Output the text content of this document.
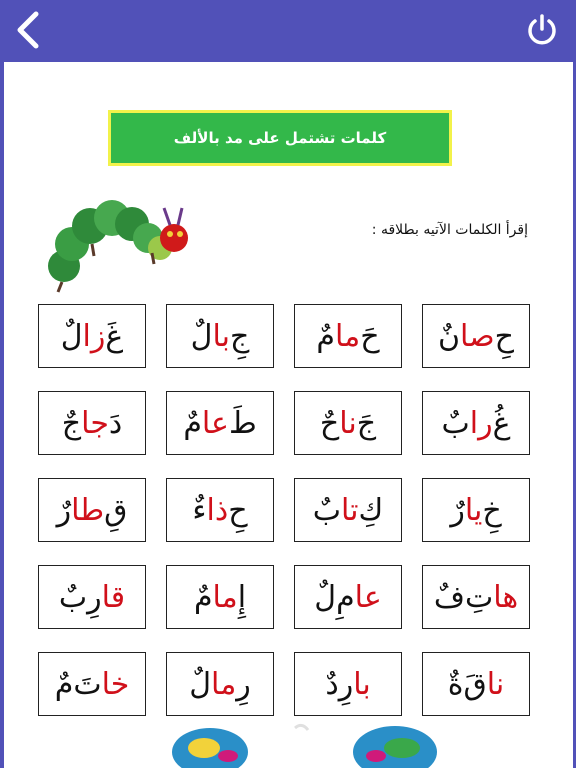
كلمات تشتمل على مد بالألف
إقرأ الكلمات الآتيه بطلاقه :
حِ
صا
نٌ
حَ
ما
مٌ
جِ
با
لٌ
غَ
زا
لٌ
غُ
را
بٌ
جَ
نا
حٌ
طَ
عا
مٌ
دَ
جا
جٌ
خِ
يا
رٌ
كِ
تا
بٌ
حِ
ذا
ءٌ
قِ
طا
رٌ
ها
تِ
فٌ
عا
مِ
لٌ
إِ
ما
مٌ
قا
رِ
بٌ
نا
قَ
ةٌ
با
رِ
دٌ
رِ
ما
لٌ
خا
تَ
مٌ
